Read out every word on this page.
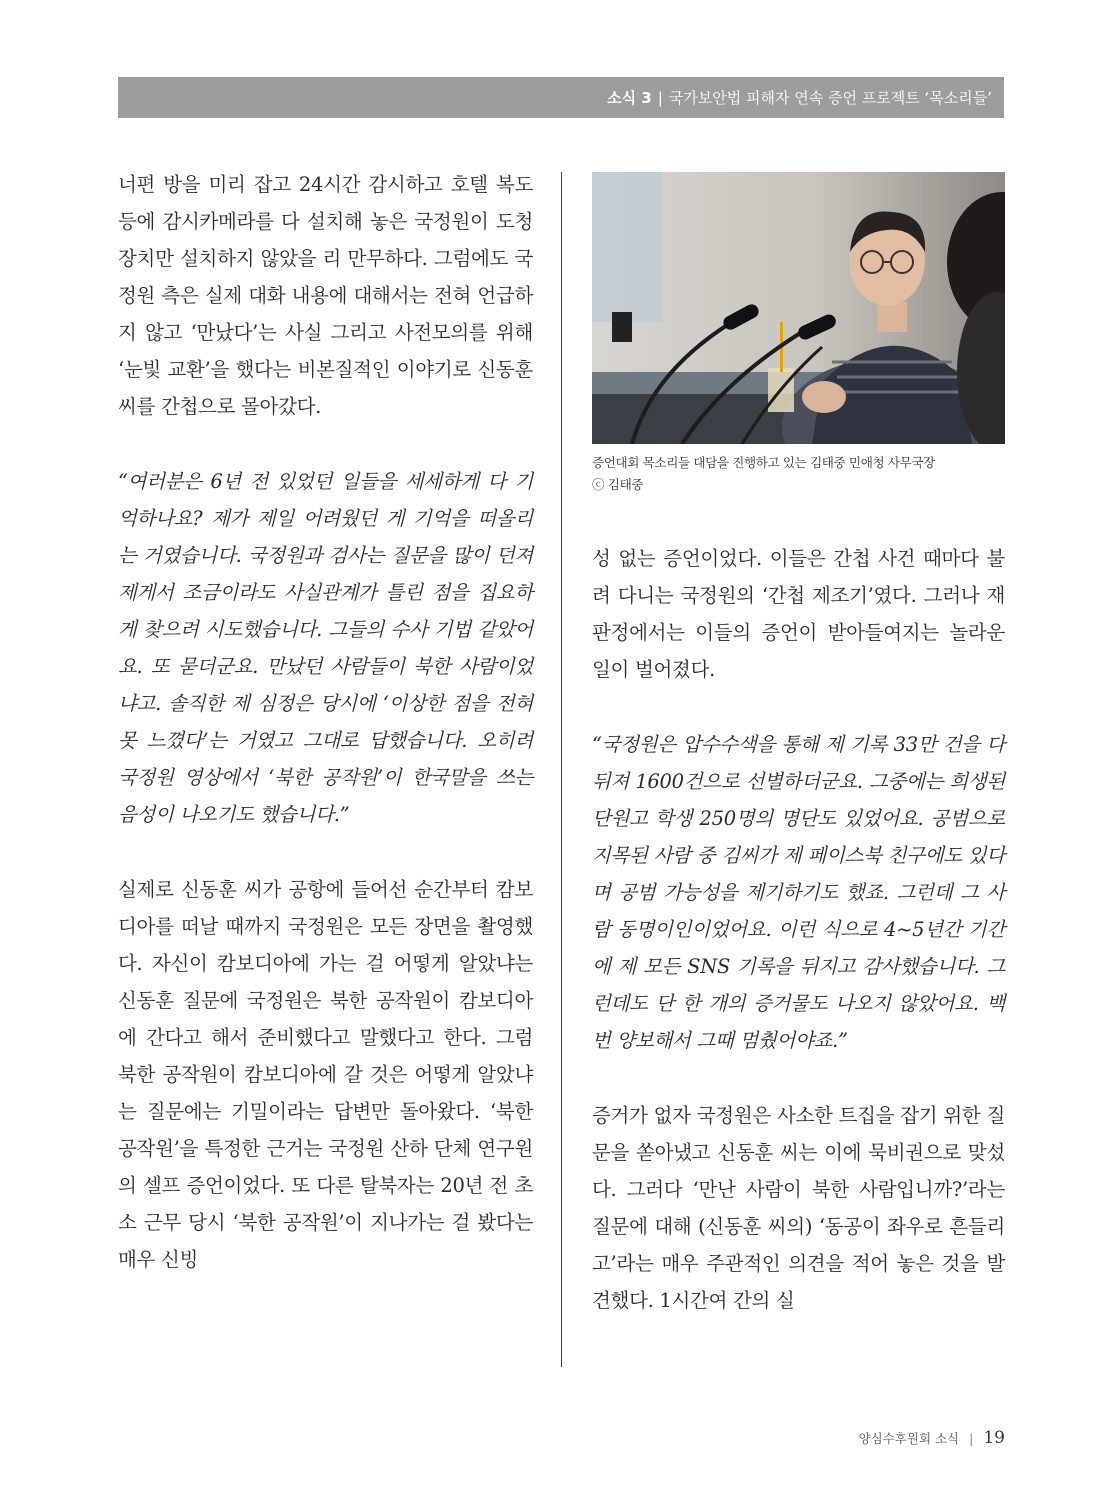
소식 3 | 국가보안법 피해자 연속 증언 프로젝트 ‘목소리들’

너편 방을 미리 잡고 24시간 감시하고 호텔 복도 등에 감시카메라를 다 설치해 놓은 국정원이 도청 장치만 설치하지 않았을 리 만무하다. 그럼에도 국정원 측은 실제 대화 내용에 대해서는 전혀 언급하지 않고 ‘만났다’는 사실 그리고 사전모의를 위해 ‘눈빛 교환’을 했다는 비본질적인 이야기로 신동훈 씨를 간첩으로 몰아갔다.

“여러분은 6년 전 있었던 일들을 세세하게 다 기억하나요? 제가 제일 어려웠던 게 기억을 떠올리는 거였습니다. 국정원과 검사는 질문을 많이 던져 제게서 조금이라도 사실관계가 틀린 점을 집요하게 찾으려 시도했습니다. 그들의 수사 기법 같았어요. 또 묻더군요. 만났던 사람들이 북한 사람이었냐고. 솔직한 제 심정은 당시에 ‘이상한 점을 전혀 못 느꼈다’는 거였고 그대로 답했습니다. 오히려 국정원 영상에서 ‘북한 공작원’이 한국말을 쓰는 음성이 나오기도 했습니다.”

실제로 신동훈 씨가 공항에 들어선 순간부터 캄보디아를 떠날 때까지 국정원은 모든 장면을 촬영했다. 자신이 캄보디아에 가는 걸 어떻게 알았냐는 신동훈 질문에 국정원은 북한 공작원이 캄보디아에 간다고 해서 준비했다고 말했다고 한다. 그럼 북한 공작원이 캄보디아에 갈 것은 어떻게 알았냐는 질문에는 기밀이라는 답변만 돌아왔다. ‘북한 공작원’을 특정한 근거는 국정원 산하 단체 연구원의 셀프 증언이었다. 또 다른 탈북자는 20년 전 초소 근무 당시 ‘북한 공작원’이 지나가는 걸 봤다는 매우 신빙

증언대회 목소리들 대담을 진행하고 있는 김태중 민애청 사무국장
ⓒ 김태중

성 없는 증언이었다. 이들은 간첩 사건 때마다 불려 다니는 국정원의 ‘간첩 제조기’였다. 그러나 재판정에서는 이들의 증언이 받아들여지는 놀라운 일이 벌어졌다.

“국정원은 압수수색을 통해 제 기록 33만 건을 다 뒤져 1600건으로 선별하더군요. 그중에는 희생된 단원고 학생 250명의 명단도 있었어요. 공범으로 지목된 사람 중 김씨가 제 페이스북 친구에도 있다며 공범 가능성을 제기하기도 했죠. 그런데 그 사람 동명이인이었어요. 이런 식으로 4~5년간 기간에 제 모든 SNS 기록을 뒤지고 감사했습니다. 그런데도 단 한 개의 증거물도 나오지 않았어요. 백번 양보해서 그때 멈췄어야죠.”

증거가 없자 국정원은 사소한 트집을 잡기 위한 질문을 쏟아냈고 신동훈 씨는 이에 묵비권으로 맞섰다. 그러다 ‘만난 사람이 북한 사람입니까?’라는 질문에 대해 (신동훈 씨의) ‘동공이 좌우로 흔들리고’라는 매우 주관적인 의견을 적어 놓은 것을 발견했다. 1시간여 간의 실

양심수후원회 소식 | 19
